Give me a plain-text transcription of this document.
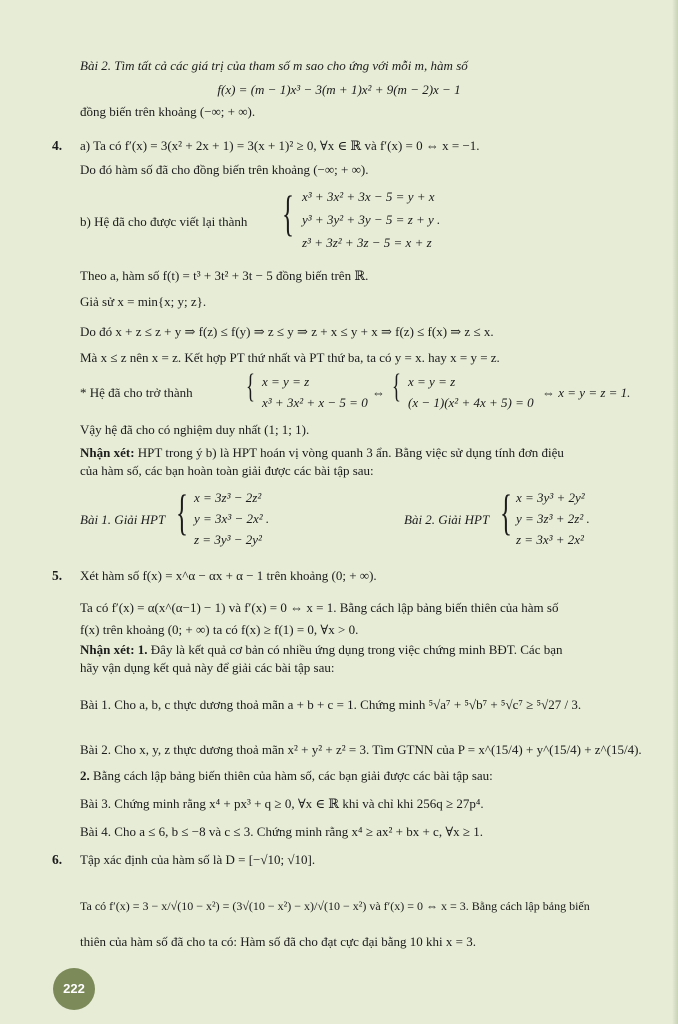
Bài 2. Tìm tất cả các giá trị của tham số m sao cho ứng với mỗi m, hàm số
f(x) = (m − 1)x³ − 3(m + 1)x² + 9(m − 2)x − 1
đồng biến trên khoảng (−∞; + ∞).
4. a) Ta có f′(x) = 3(x² + 2x + 1) = 3(x + 1)² ≥ 0, ∀x ∈ ℝ và f′(x) = 0 ⇔ x = −1.
Do đó hàm số đã cho đồng biến trên khoảng (−∞; + ∞).
b) Hệ đã cho được viết lại thành { x³ + 3x² + 3x − 5 = y + x
y³ + 3y² + 3y − 5 = z + y .
z³ + 3z² + 3z − 5 = x + z
Theo a, hàm số f(t) = t³ + 3t² + 3t − 5 đồng biến trên ℝ.
Giả sử x = min{x; y; z}.
Do đó x + z ≤ z + y ⇒ f(z) ≤ f(y) ⇒ z ≤ y ⇒ z + x ≤ y + x ⇒ f(z) ≤ f(x) ⇒ z ≤ x.
Mà x ≤ z nên x = z. Kết hợp PT thứ nhất và PT thứ ba, ta có y = x. hay x = y = z.
* Hệ đã cho trở thành { x = y = z
x³ + 3x² + x − 5 = 0
⇔ { x = y = z
(x − 1)(x² + 4x + 5) = 0
⇔ x = y = z = 1.
Vậy hệ đã cho có nghiệm duy nhất (1; 1; 1).
Nhận xét: HPT trong ý b) là HPT hoán vị vòng quanh 3 ẩn. Bằng việc sử dụng tính đơn điệu
của hàm số, các bạn hoàn toàn giải được các bài tập sau:
Bài 1. Giải HPT { x = 3z³ − 2z²
y = 3x³ − 2x² .
z = 3y³ − 2y²
Bài 2. Giải HPT { x = 3y³ + 2y²
y = 3z³ + 2z² .
z = 3x³ + 2x²
5. Xét hàm số f(x) = x^α − αx + α − 1 trên khoảng (0; + ∞).
Ta có f′(x) = α(x^(α−1) − 1) và f′(x) = 0 ⇔ x = 1. Bằng cách lập bảng biến thiên của hàm số
f(x) trên khoảng (0; + ∞) ta có f(x) ≥ f(1) = 0, ∀x > 0.
Nhận xét: 1. Đây là kết quả cơ bản có nhiều ứng dụng trong việc chứng minh BĐT. Các bạn
hãy vận dụng kết quả này để giải các bài tập sau:
Bài 1. Cho a, b, c thực dương thoả mãn a + b + c = 1. Chứng minh ⁵√a⁷ + ⁵√b⁷ + ⁵√c⁷ ≥ ⁵√27 / 3.
Bài 2. Cho x, y, z thực dương thoả mãn x² + y² + z² = 3. Tìm GTNN của P = x^(15/4) + y^(15/4) + z^(15/4).
2. Bằng cách lập bảng biến thiên của hàm số, các bạn giải được các bài tập sau:
Bài 3. Chứng minh rằng x⁴ + px³ + q ≥ 0, ∀x ∈ ℝ khi và chỉ khi 256q ≥ 27p⁴.
Bài 4. Cho a ≤ 6, b ≤ −8 và c ≤ 3. Chứng minh rằng x⁴ ≥ ax² + bx + c, ∀x ≥ 1.
6. Tập xác định của hàm số là D = [−√10; √10].
Ta có f′(x) = 3 − x/√(10 − x²) = (3√(10 − x²) − x)/√(10 − x²) và f′(x) = 0 ⇔ x = 3. Bằng cách lập bảng biến
thiên của hàm số đã cho ta có: Hàm số đã cho đạt cực đại bằng 10 khi x = 3.
222
